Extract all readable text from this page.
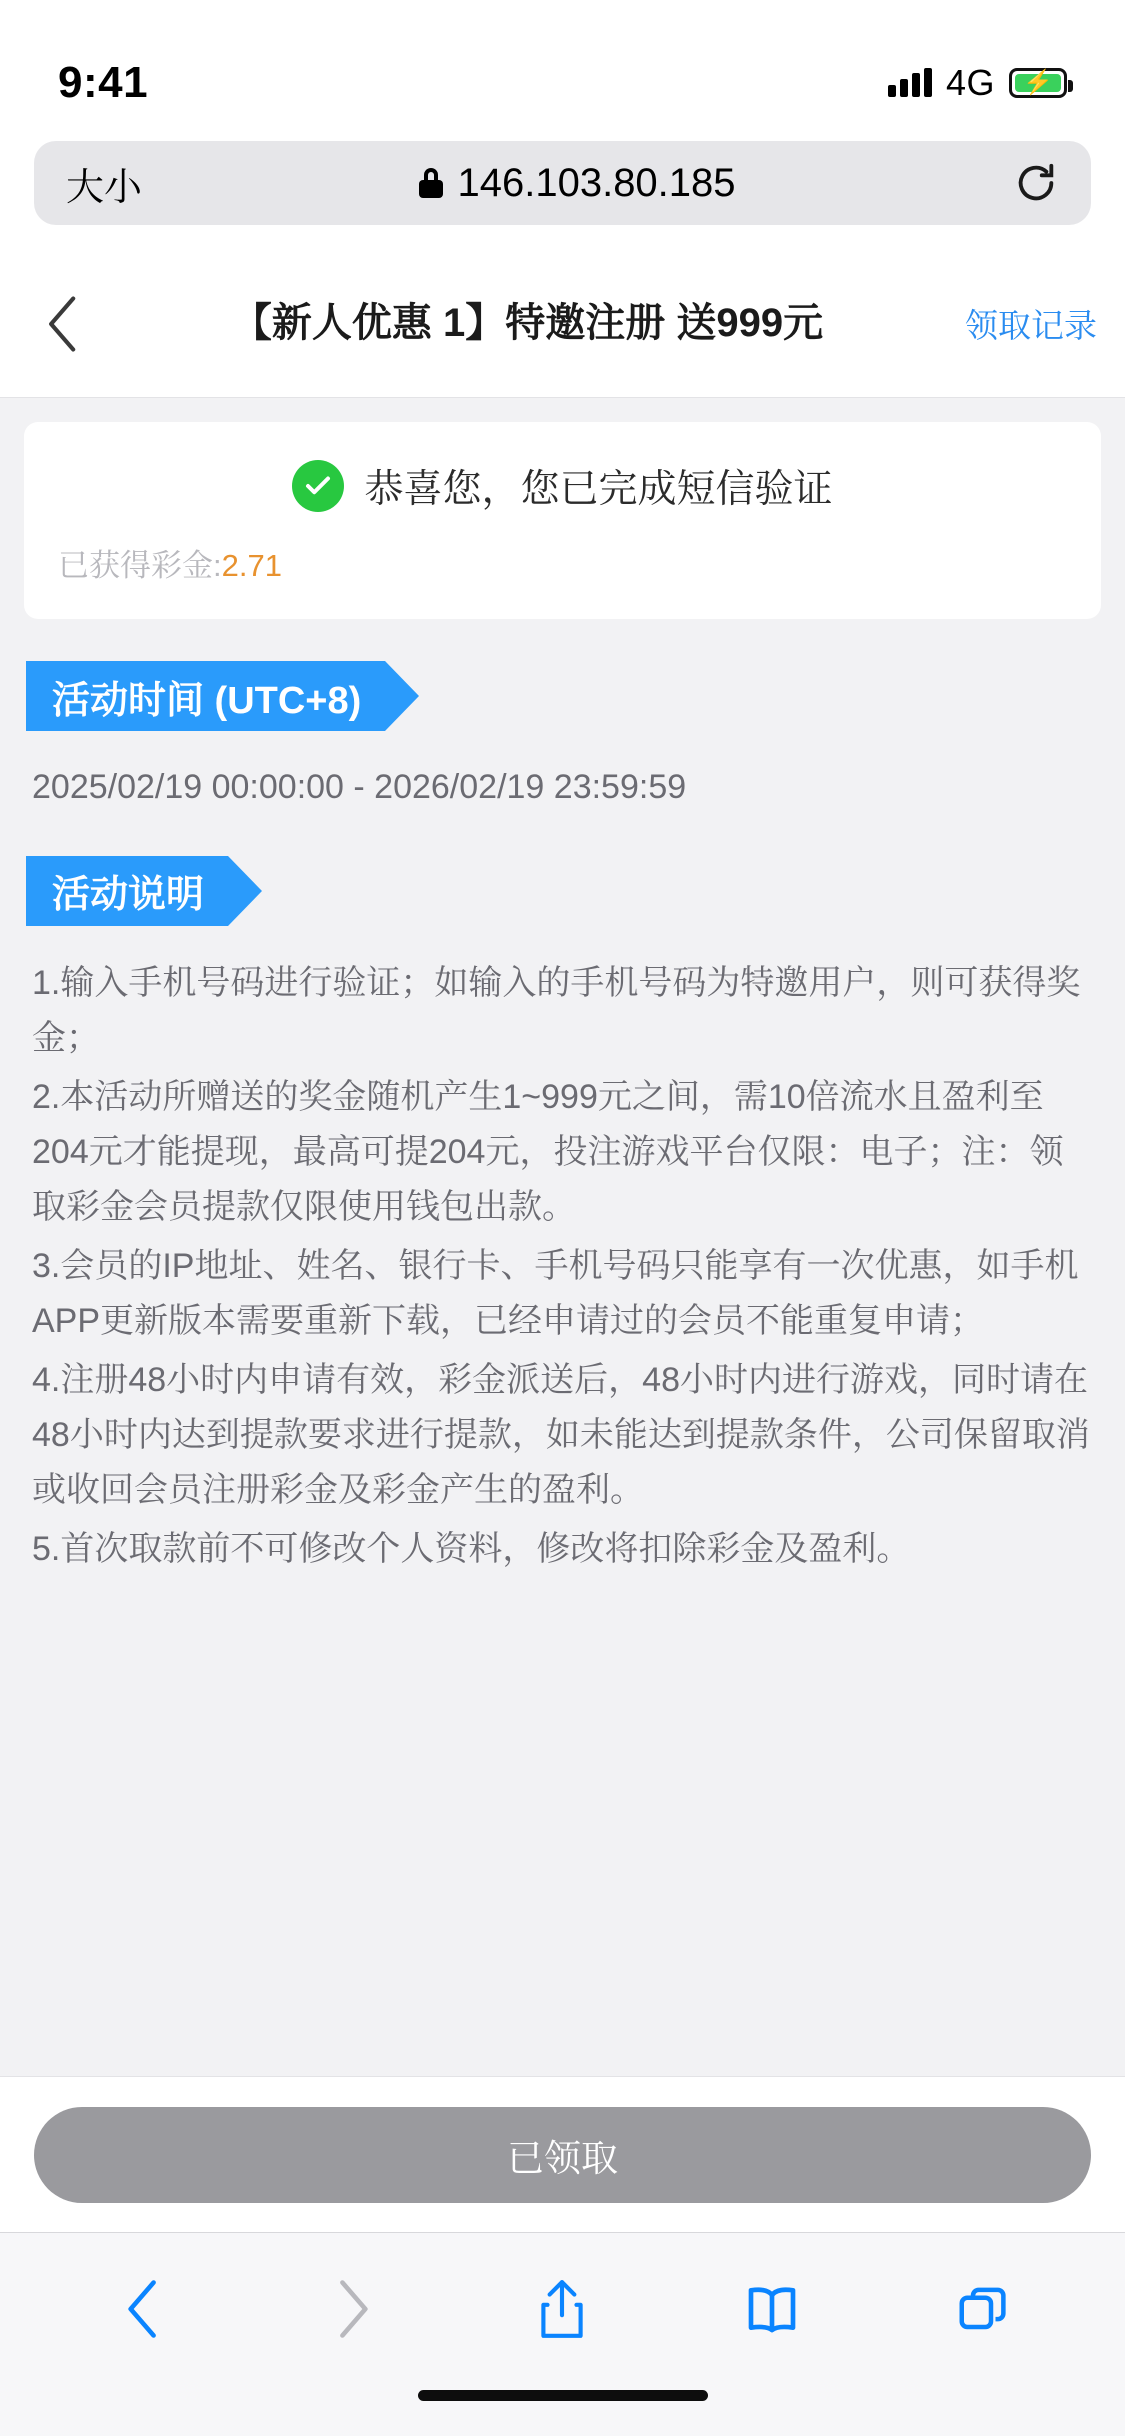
9:41	4G ⚡
大小	146.103.80.185
【新人优惠 1】特邀注册 送999元	领取记录
恭喜您，您已完成短信验证
已获得彩金:2.71
活动时间 (UTC+8)
2025/02/19 00:00:00 - 2026/02/19 23:59:59
活动说明

1.输入手机号码进行验证；如输入的手机号码为特邀用户，则可获得奖金；

2.本活动所赠送的奖金随机产生1~999元之间，需10倍流水且盈利至204元才能提现，最高可提204元，投注游戏平台仅限：电子；注：领取彩金会员提款仅限使用钱包出款。

3.会员的IP地址、姓名、银行卡、手机号码只能享有一次优惠，如手机APP更新版本需要重新下载，已经申请过的会员不能重复申请；

4.注册48小时内申请有效，彩金派送后，48小时内进行游戏，同时请在48小时内达到提款要求进行提款，如未能达到提款条件，公司保留取消或收回会员注册彩金及彩金产生的盈利。

5.首次取款前不可修改个人资料，修改将扣除彩金及盈利。

已领取
